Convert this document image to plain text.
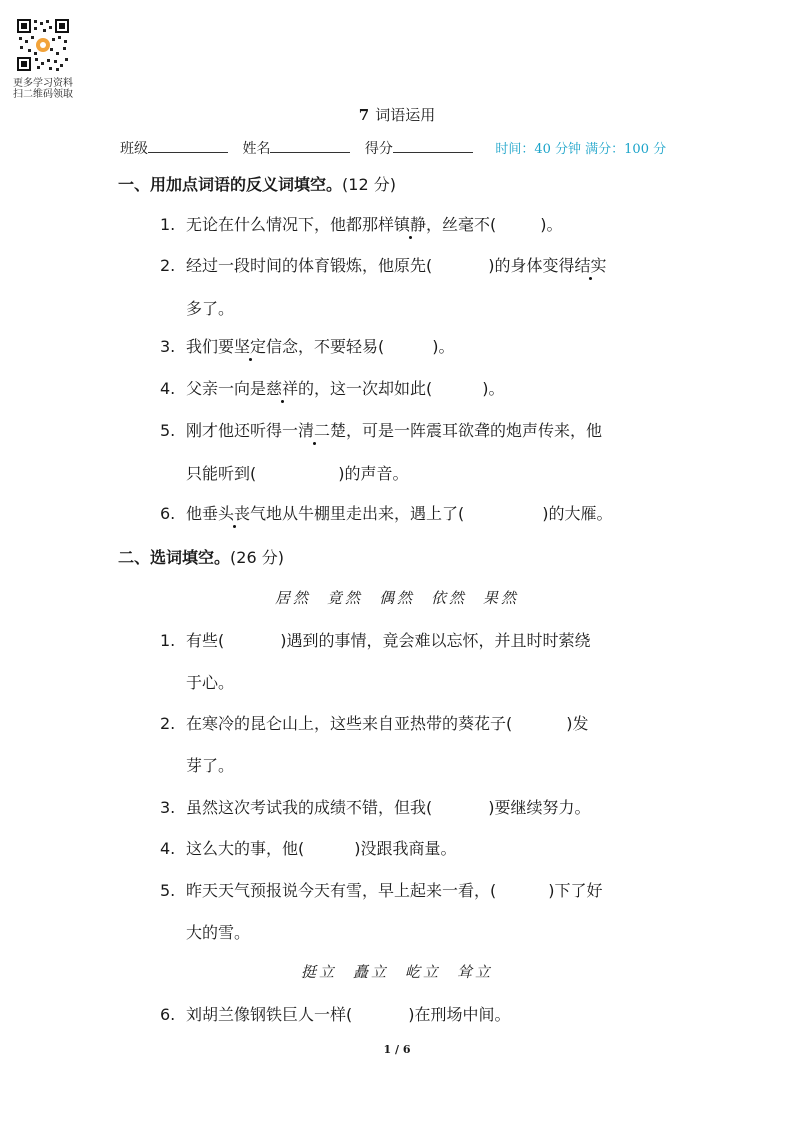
更多学习资料
扫二维码领取
7 词语运用
班级	姓名	得分	时间：40 分钟 满分：100 分
一、用加点词语的反义词填空。(12 分)
1. 无论在什么情况下，他都那样镇静，丝毫不(	)。
2. 经过一段时间的体育锻炼，他原先(	)的身体变得结实
多了。
3. 我们要坚定信念，不要轻易(	)。
4. 父亲一向是慈祥的，这一次却如此(	)。
5. 刚才他还听得一清二楚，可是一阵震耳欲聋的炮声传来，他
只能听到(	)的声音。
6. 他垂头丧气地从牛棚里走出来，遇上了(	)的大雁。
二、选词填空。(26 分)
居然 竟然 偶然 依然 果然
1. 有些(	)遇到的事情，竟会难以忘怀，并且时时萦绕
于心。
2. 在寒冷的昆仑山上，这些来自亚热带的葵花子(	)发
芽了。
3. 虽然这次考试我的成绩不错，但我(	)要继续努力。
4. 这么大的事，他(	)没跟我商量。
5. 昨天天气预报说今天有雪，早上起来一看，(	)下了好
大的雪。
挺立 矗立 屹立 耸立
6. 刘胡兰像钢铁巨人一样(	)在刑场中间。
1 / 6
